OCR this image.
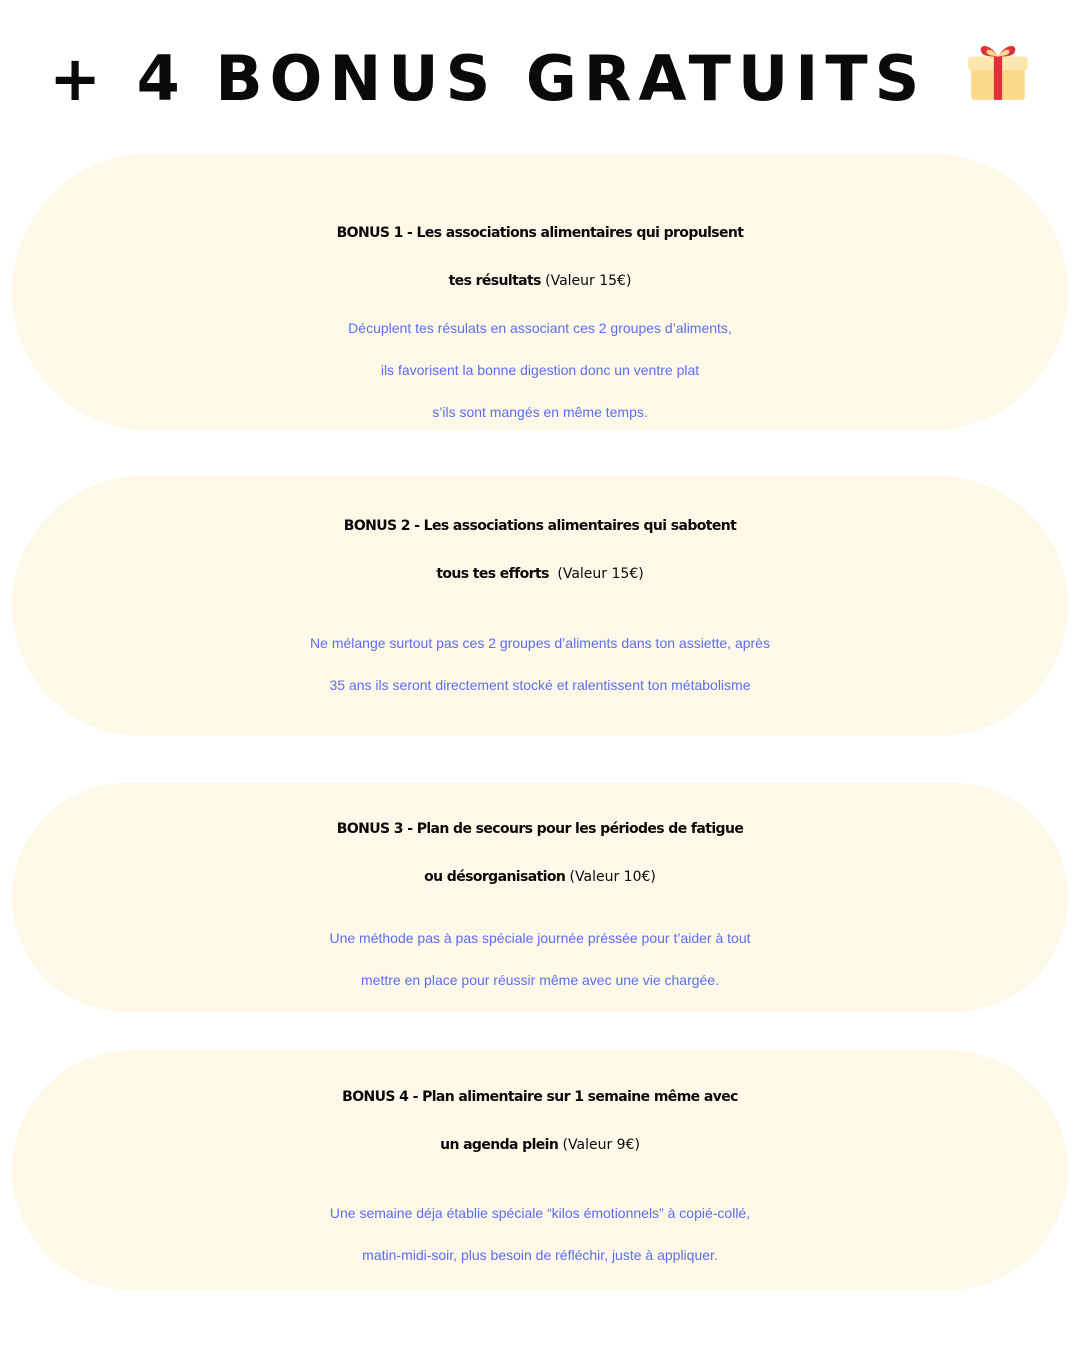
+ 4 BONUS GRATUITS
BONUS 1 - Les associations alimentaires qui propulsent
tes résultats (Valeur 15€)
Décuplent tes résulats en associant ces 2 groupes d’aliments,
ils favorisent la bonne digestion donc un ventre plat
s’ils sont mangés en même temps.
BONUS 2 - Les associations alimentaires qui sabotent
tous tes efforts (Valeur 15€)
Ne mélange surtout pas ces 2 groupes d’aliments dans ton assiette, après
35 ans ils seront directement stocké et ralentissent ton métabolisme
BONUS 3 - Plan de secours pour les périodes de fatigue
ou désorganisation (Valeur 10€)
Une méthode pas à pas spéciale journée préssée pour t’aider à tout
mettre en place pour réussir même avec une vie chargée.
BONUS 4 - Plan alimentaire sur 1 semaine même avec
un agenda plein (Valeur 9€)
Une semaine déja établie spéciale “kilos émotionnels” à copié-collé,
matin-midi-soir, plus besoin de réfléchir, juste à appliquer.
